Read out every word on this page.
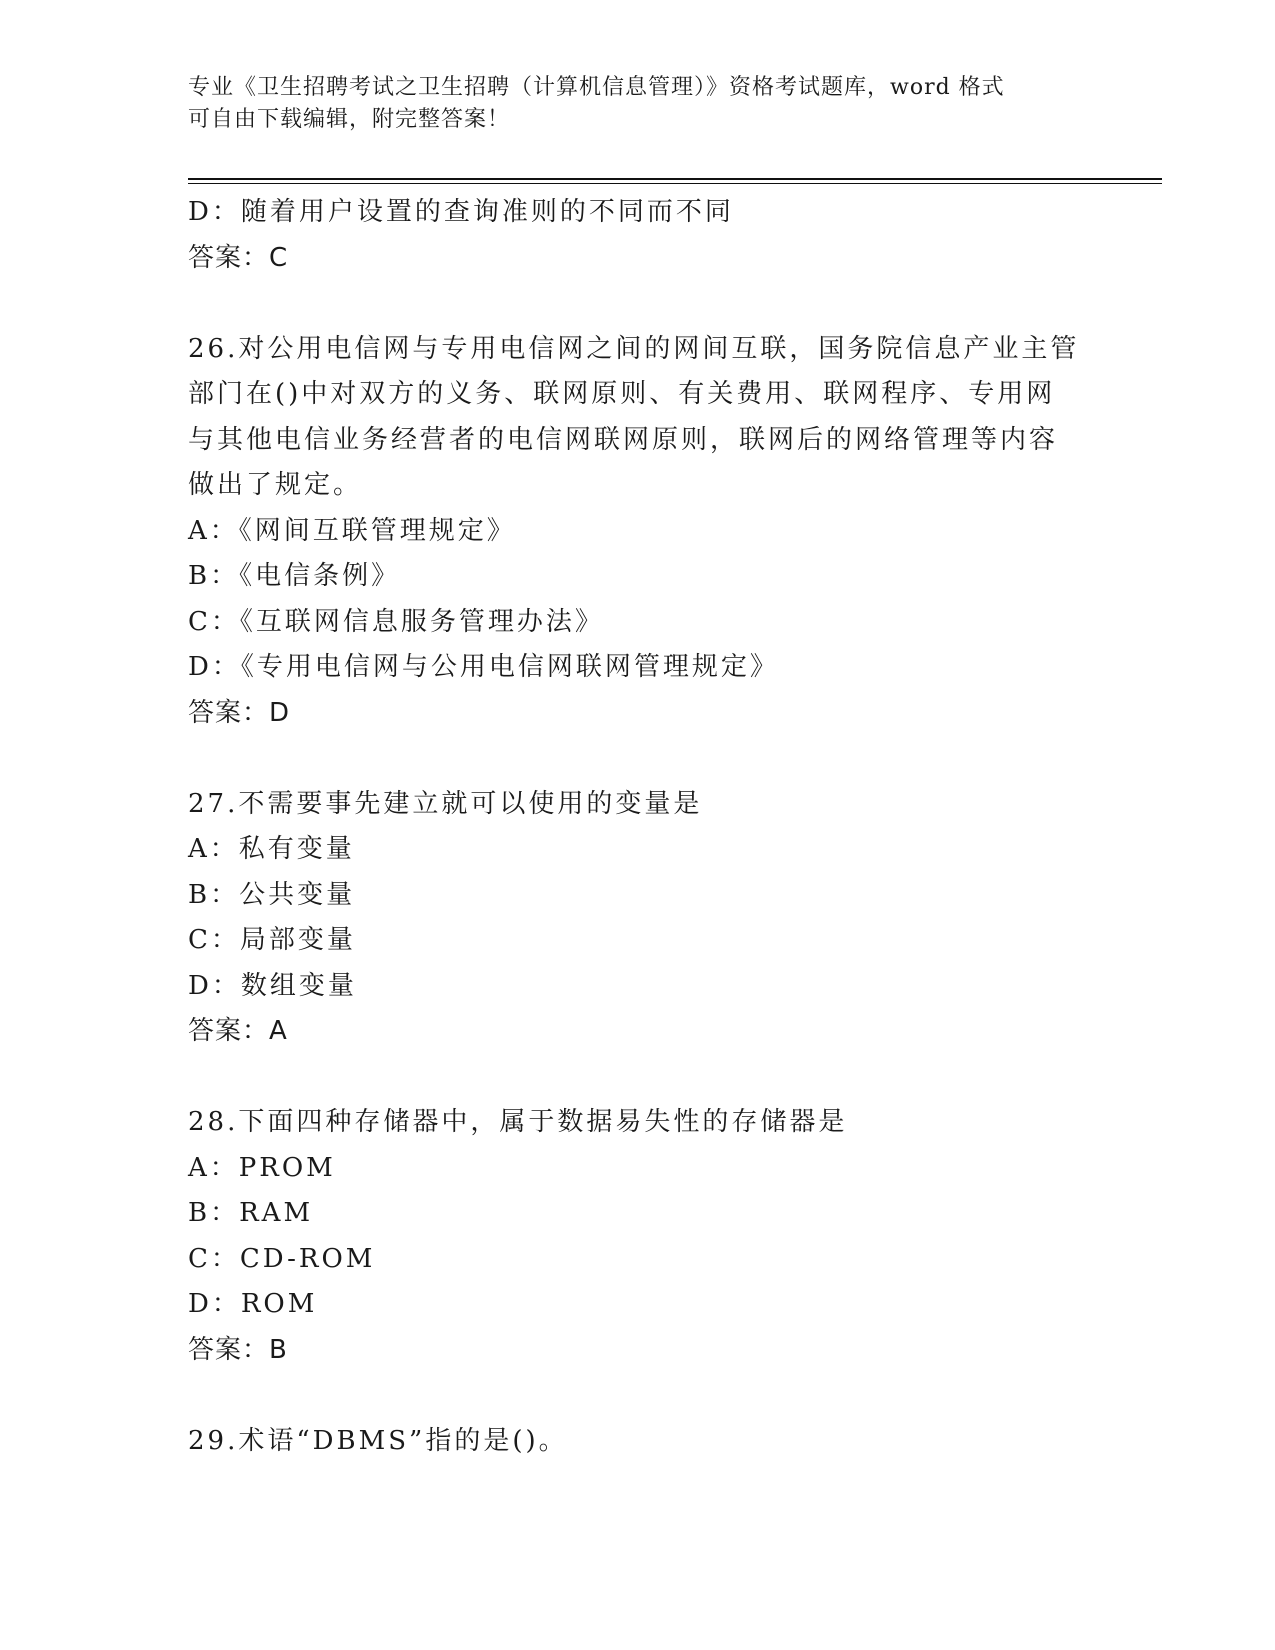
专业《卫生招聘考试之卫生招聘（计算机信息管理）》资格考试题库，word 格式
可自由下载编辑，附完整答案！
D：随着用户设置的查询准则的不同而不同
答案：C
26.对公用电信网与专用电信网之间的网间互联，国务院信息产业主管
部门在()中对双方的义务、联网原则、有关费用、联网程序、专用网
与其他电信业务经营者的电信网联网原则，联网后的网络管理等内容
做出了规定。
A：《网间互联管理规定》
B：《电信条例》
C：《互联网信息服务管理办法》
D：《专用电信网与公用电信网联网管理规定》
答案：D
27.不需要事先建立就可以使用的变量是
A：私有变量
B：公共变量
C：局部变量
D：数组变量
答案：A
28.下面四种存储器中，属于数据易失性的存储器是
A：PROM
B：RAM
C：CD-ROM
D：ROM
答案：B
29.术语“DBMS”指的是()。
